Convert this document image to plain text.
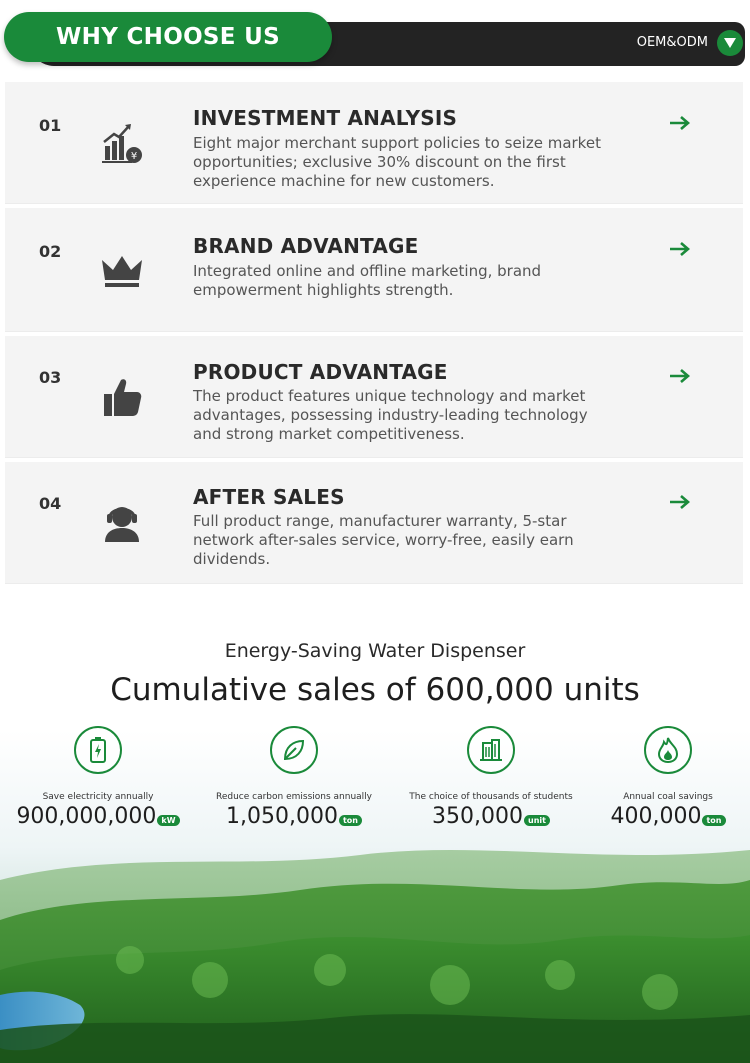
WHY CHOOSE US	OEM&ODM
01
¥
INVESTMENT ANALYSIS
Eight major merchant support policies to seize market opportunities; exclusive 30% discount on the first experience machine for new customers.
02	BRAND ADVANTAGE
Integrated online and offline marketing, brand empowerment highlights strength.
03	PRODUCT ADVANTAGE
The product features unique technology and market advantages, possessing industry-leading technology and strong market competitiveness.
04	AFTER SALES
Full product range, manufacturer warranty, 5-star network after-sales service, worry-free, easily earn dividends.
Energy-Saving Water Dispenser
Cumulative sales of 600,000 units
Save electricity annually
900,000,000 kW
Reduce carbon emissions annually
1,050,000 ton
The choice of thousands of students
350,000 unit
Annual coal savings
400,000 ton
